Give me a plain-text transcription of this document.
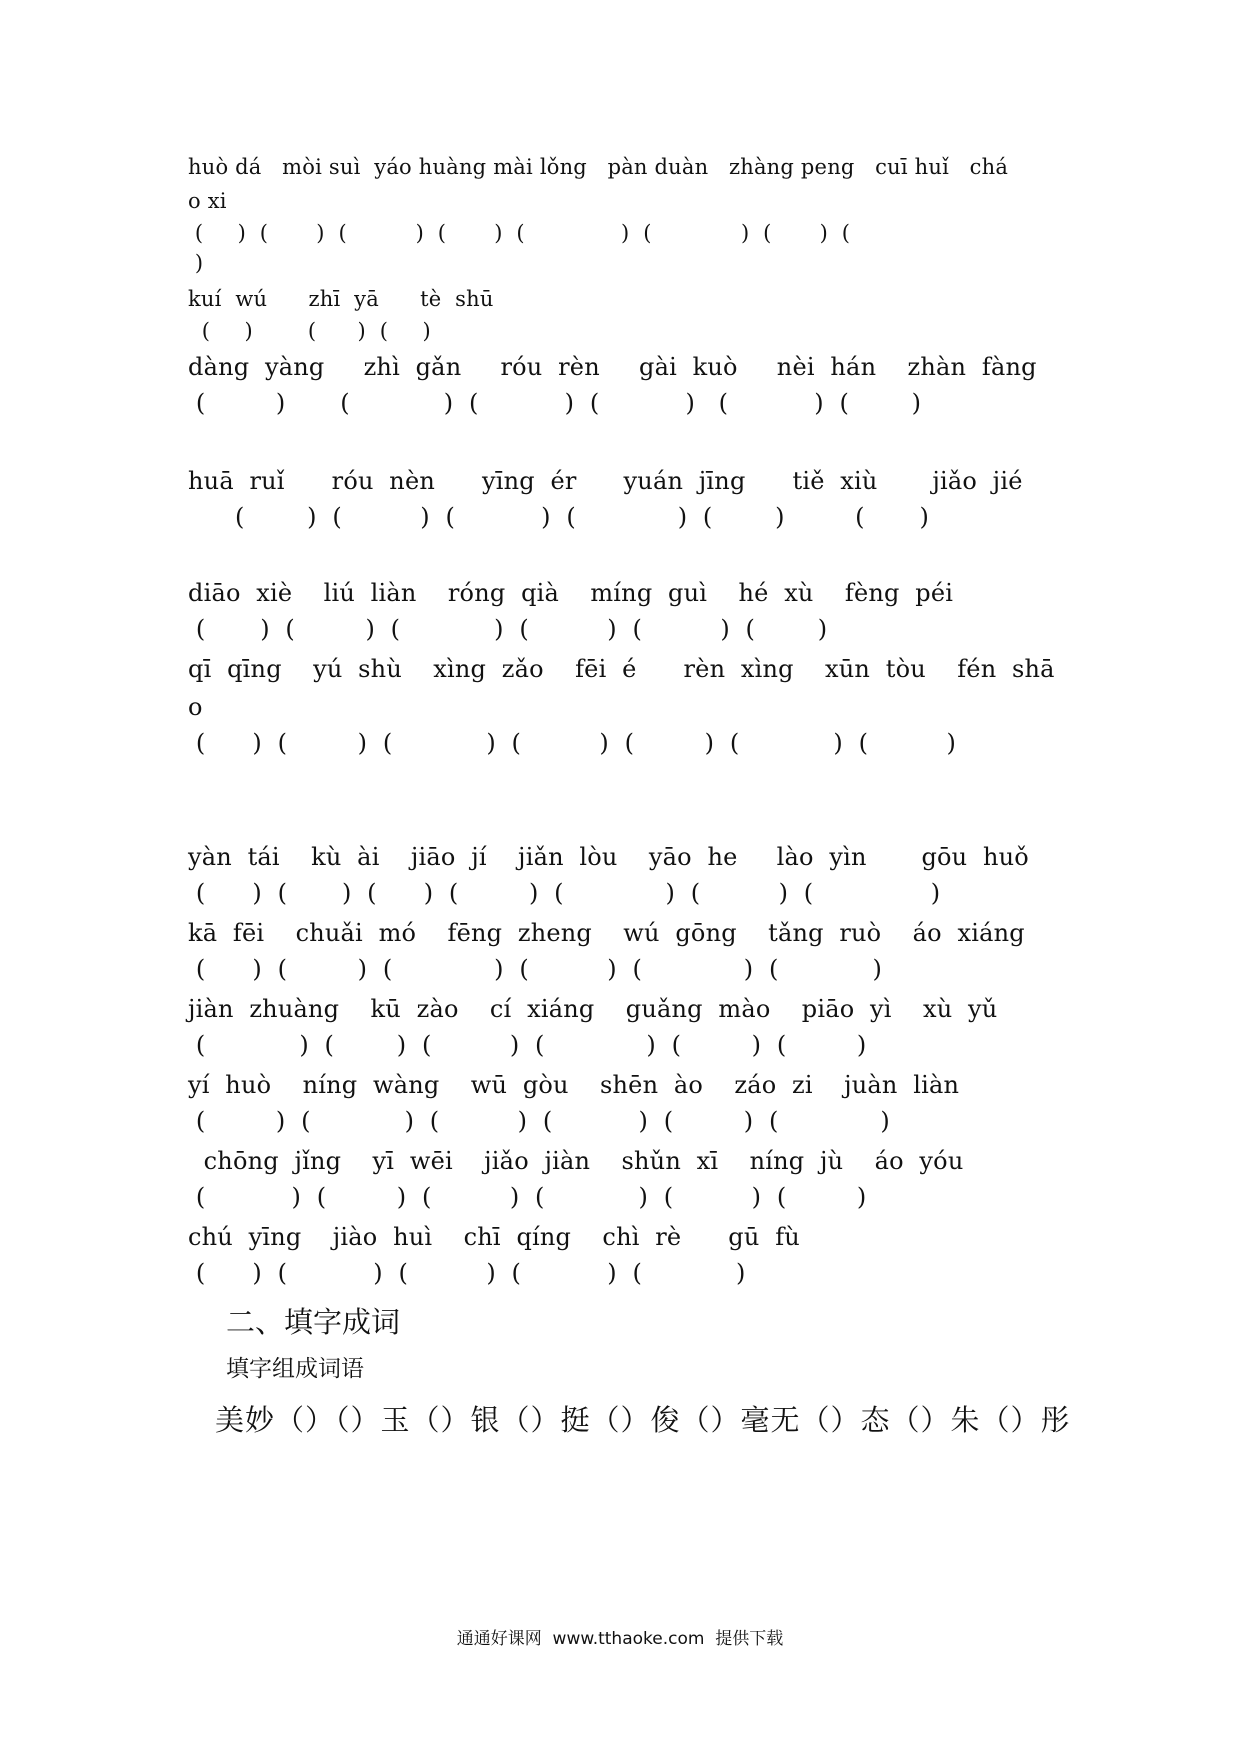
huò dá   mòi suì  yáo huàng mài lǒng   pàn duàn   zhàng peng   cuī huǐ   chá
o xi
(     )  (       )  (          )  (       )  (              )  (             )  (       )  (
)
kuí  wú      zhī  yā      tè  shū
(     )        (      )  (     )
dàng  yàng     zhì  gǎn     róu  rèn     gài  kuò     nèi  hán    zhàn  fàng
(         )       (            )  (           )  (           )   (           )  (        )
huā  ruǐ      róu  nèn      yīng  ér      yuán  jīng      tiě  xiù       jiǎo  jié
(        )  (          )  (           )  (             )  (        )         (       )
diāo  xiè    liú  liàn    róng  qià    míng  guì    hé  xù    fèng  péi
(       )  (         )  (            )  (          )  (          )  (        )
qī  qīng    yú  shù    xìng  zǎo    fēi  é      rèn  xìng    xūn  tòu    fén  shā
o
(      )  (         )  (            )  (          )  (         )  (            )  (          )
yàn  tái    kù  ài    jiāo  jí    jiǎn  lòu    yāo  he     lào  yìn       gōu  huǒ
(      )  (       )  (      )  (         )  (             )  (          )  (               )
kā  fēi    chuǎi  mó    fēng  zheng    wú  gōng    tǎng  ruò    áo  xiáng
(      )  (         )  (             )  (          )  (             )  (            )
jiàn  zhuàng    kū  zào    cí  xiáng    guǎng  mào    piāo  yì    xù  yǔ
(            )  (        )  (          )  (             )  (         )  (         )
yí  huò    níng  wàng    wū  gòu    shēn  ào    záo  zi    juàn  liàn
(         )  (            )  (          )  (           )  (         )  (             )
chōng  jǐng    yī  wēi    jiǎo  jiàn    shǔn  xī    níng  jù    áo  yóu
(           )  (         )  (          )  (            )  (          )  (         )
chú  yīng    jiào  huì    chī  qíng    chì  rè      gū  fù
(      )  (           )  (          )  (           )  (            )
二、填字成词
填字组成词语
美妙（）（）玉（）银（）挺（）俊（）毫无（）态（）朱（）彤
通通好课网  www.tthaoke.com  提供下载
